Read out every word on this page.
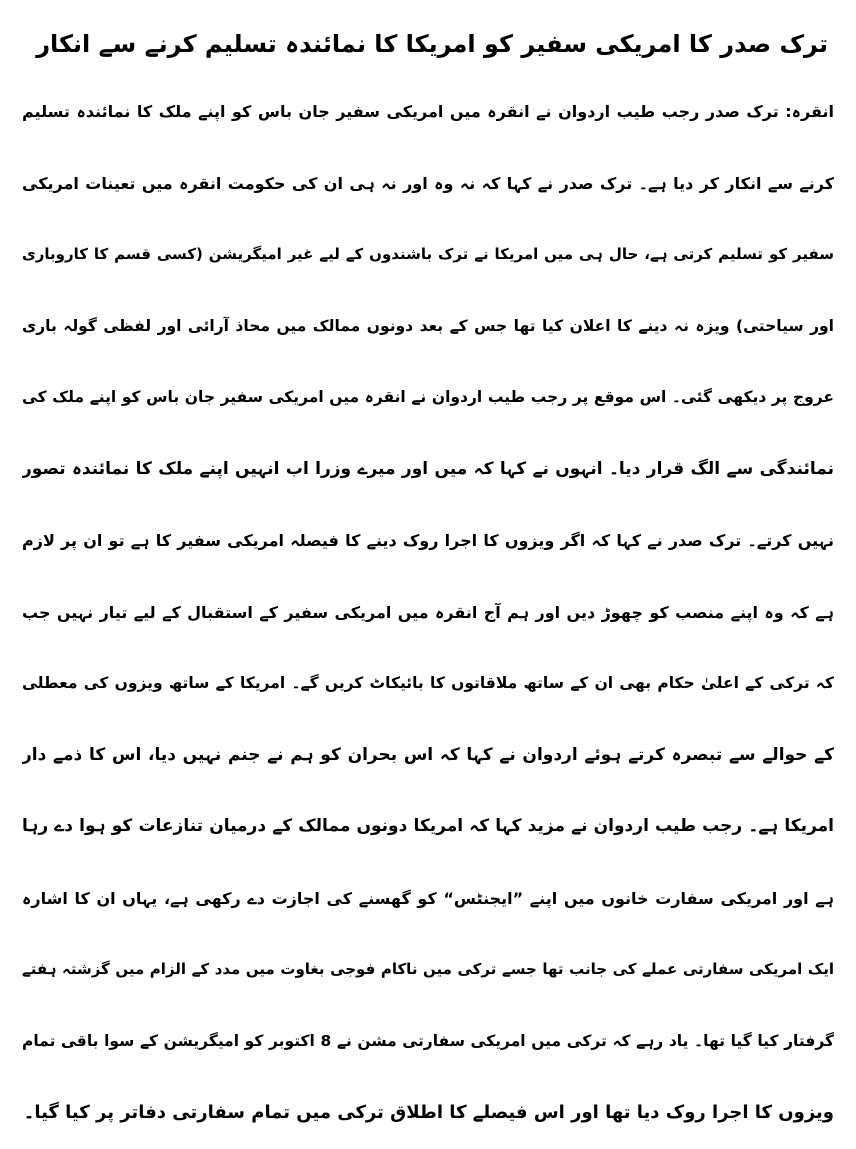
ترک صدر کا امریکی سفیر کو امریکا کا نمائندہ تسلیم کرنے سے انکار
انقرہ: ترک صدر رجب طیب اردوان نے انقرہ میں امریکی سفیر جان باس کو اپنے ملک کا نمائندہ تسلیم
کرنے سے انکار کر دیا ہے۔ ترک صدر نے کہا کہ نہ وہ اور نہ ہی ان کی حکومت انقرہ میں تعینات امریکی
سفیر کو تسلیم کرتی ہے، حال ہی میں امریکا نے ترک باشندوں کے لیے غیر امیگریشن (کسی قسم کا کاروباری
اور سیاحتی) ویزہ نہ دینے کا اعلان کیا تھا جس کے بعد دونوں ممالک میں محاذ آرائی اور لفظی گولہ باری
عروج پر دیکھی گئی۔ اس موقع پر رجب طیب اردوان نے انقرہ میں امریکی سفیر جان باس کو اپنے ملک کی
نمائندگی سے الگ قرار دیا۔ انہوں نے کہا کہ میں اور میرے وزرا اب انہیں اپنے ملک کا نمائندہ تصور
نہیں کرتے۔ ترک صدر نے کہا کہ اگر ویزوں کا اجرا روک دینے کا فیصلہ امریکی سفیر کا ہے تو ان پر لازم
ہے کہ وہ اپنے منصب کو چھوڑ دیں اور ہم آج انقرہ میں امریکی سفیر کے استقبال کے لیے تیار نہیں جب
کہ ترکی کے اعلیٰ حکام بھی ان کے ساتھ ملاقاتوں کا بائیکاٹ کریں گے۔ امریکا کے ساتھ ویزوں کی معطلی
کے حوالے سے تبصرہ کرتے ہوئے اردوان نے کہا کہ اس بحران کو ہم نے جنم نہیں دیا، اس کا ذمے دار
امریکا ہے۔ رجب طیب اردوان نے مزید کہا کہ امریکا دونوں ممالک کے درمیان تنازعات کو ہوا دے رہا
ہے اور امریکی سفارت خانوں میں اپنے ”ایجنٹس“ کو گھسنے کی اجازت دے رکھی ہے، یہاں ان کا اشارہ
ایک امریکی سفارتی عملے کی جانب تھا جسے ترکی میں ناکام فوجی بغاوت میں مدد کے الزام میں گزشتہ ہفتے
گرفتار کیا گیا تھا۔ یاد رہے کہ ترکی میں امریکی سفارتی مشن نے 8 اکتوبر کو امیگریشن کے سوا باقی تمام
ویزوں کا اجرا روک دیا تھا اور اس فیصلے کا اطلاق ترکی میں تمام سفارتی دفاتر پر کیا گیا۔
